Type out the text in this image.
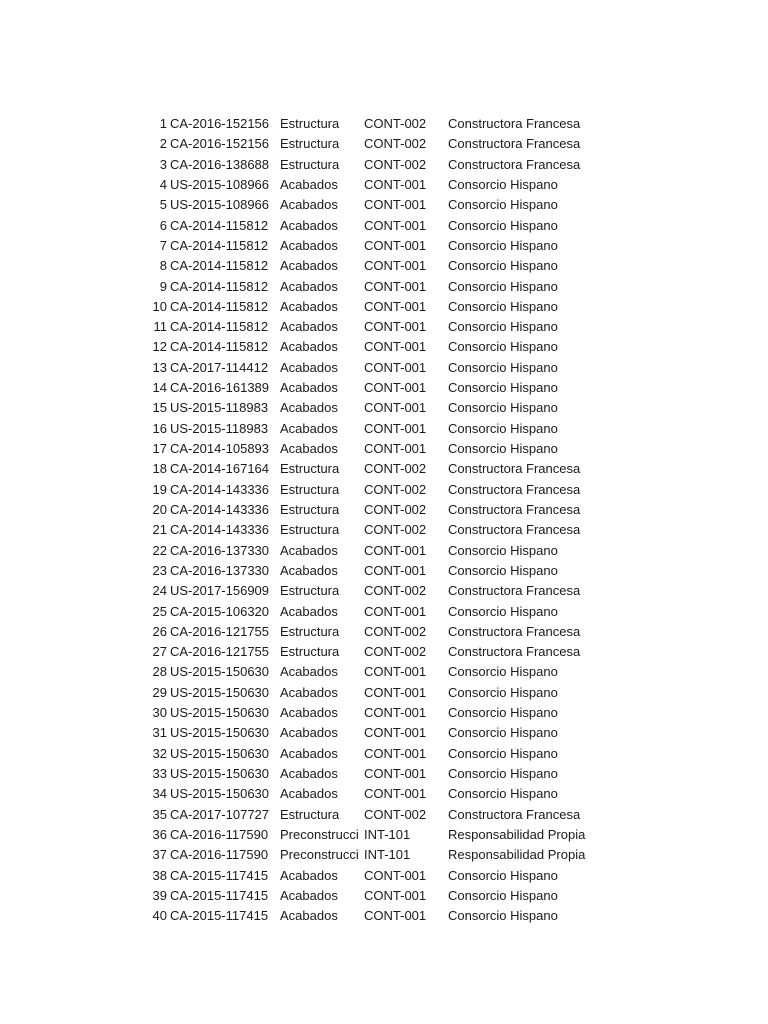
1 CA-2016-152156 Estructura	CONT-002	Constructora Francesa
2 CA-2016-152156 Estructura	CONT-002	Constructora Francesa
3 CA-2016-138688 Estructura	CONT-002	Constructora Francesa
4 US-2015-108966 Acabados	CONT-001	Consorcio Hispano
5 US-2015-108966 Acabados	CONT-001	Consorcio Hispano
6 CA-2014-115812 Acabados	CONT-001	Consorcio Hispano
7 CA-2014-115812 Acabados	CONT-001	Consorcio Hispano
8 CA-2014-115812 Acabados	CONT-001	Consorcio Hispano
9 CA-2014-115812 Acabados	CONT-001	Consorcio Hispano
10 CA-2014-115812 Acabados	CONT-001	Consorcio Hispano
11 CA-2014-115812 Acabados	CONT-001	Consorcio Hispano
12 CA-2014-115812 Acabados	CONT-001	Consorcio Hispano
13 CA-2017-114412 Acabados	CONT-001	Consorcio Hispano
14 CA-2016-161389 Acabados	CONT-001	Consorcio Hispano
15 US-2015-118983 Acabados	CONT-001	Consorcio Hispano
16 US-2015-118983 Acabados	CONT-001	Consorcio Hispano
17 CA-2014-105893 Acabados	CONT-001	Consorcio Hispano
18 CA-2014-167164 Estructura	CONT-002	Constructora Francesa
19 CA-2014-143336 Estructura	CONT-002	Constructora Francesa
20 CA-2014-143336 Estructura	CONT-002	Constructora Francesa
21 CA-2014-143336 Estructura	CONT-002	Constructora Francesa
22 CA-2016-137330 Acabados	CONT-001	Consorcio Hispano
23 CA-2016-137330 Acabados	CONT-001	Consorcio Hispano
24 US-2017-156909 Estructura	CONT-002	Constructora Francesa
25 CA-2015-106320 Acabados	CONT-001	Consorcio Hispano
26 CA-2016-121755 Estructura	CONT-002	Constructora Francesa
27 CA-2016-121755 Estructura	CONT-002	Constructora Francesa
28 US-2015-150630 Acabados	CONT-001	Consorcio Hispano
29 US-2015-150630 Acabados	CONT-001	Consorcio Hispano
30 US-2015-150630 Acabados	CONT-001	Consorcio Hispano
31 US-2015-150630 Acabados	CONT-001	Consorcio Hispano
32 US-2015-150630 Acabados	CONT-001	Consorcio Hispano
33 US-2015-150630 Acabados	CONT-001	Consorcio Hispano
34 US-2015-150630 Acabados	CONT-001	Consorcio Hispano
35 CA-2017-107727 Estructura	CONT-002	Constructora Francesa
36 CA-2016-117590 Preconstrucci INT-101	Responsabilidad Propia
37 CA-2016-117590 Preconstrucci INT-101	Responsabilidad Propia
38 CA-2015-117415 Acabados	CONT-001	Consorcio Hispano
39 CA-2015-117415 Acabados	CONT-001	Consorcio Hispano
40 CA-2015-117415 Acabados	CONT-001	Consorcio Hispano
